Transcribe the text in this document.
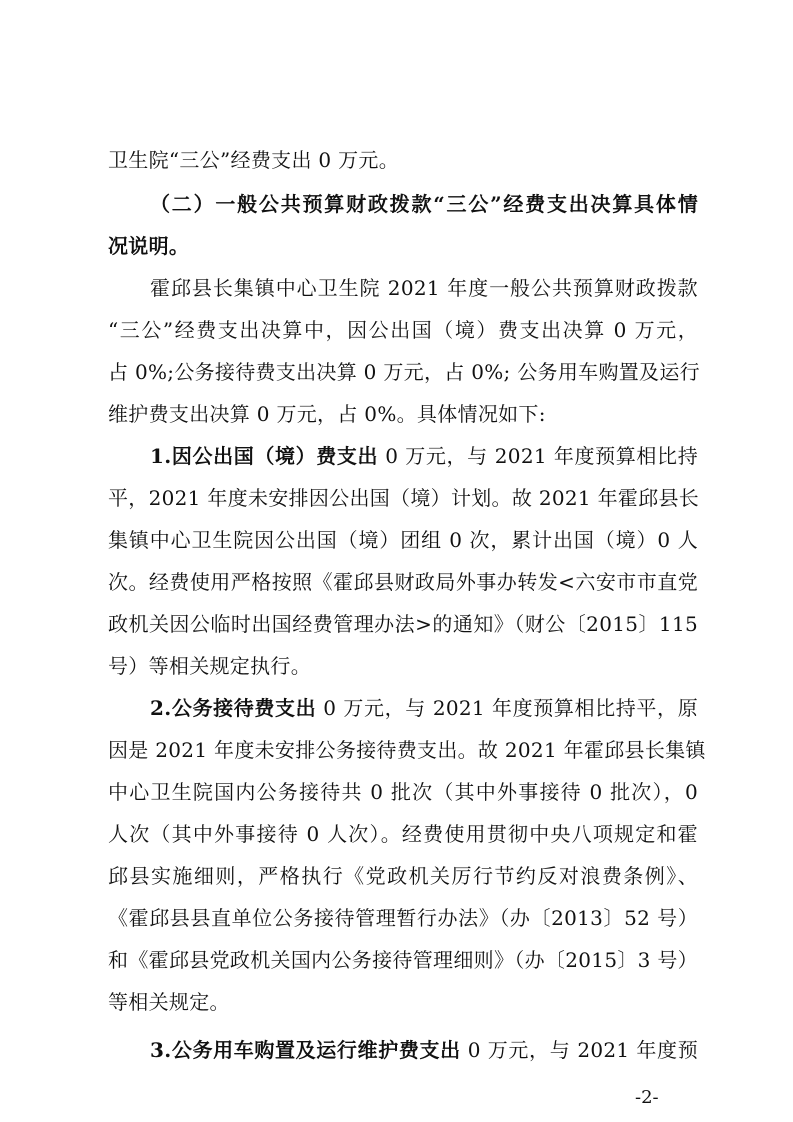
卫生院“三公”经费支出 0 万元。
（二）一般公共预算财政拨款“三公”经费支出决算具体情
况说明。
霍邱县长集镇中心卫生院 2021 年度一般公共预算财政拨款
“三公”经费支出决算中，因公出国（境）费支出决算 0 万元，
占 0%;公务接待费支出决算 0 万元，占 0%; 公务用车购置及运行
维护费支出决算 0 万元，占 0%。具体情况如下:
1.因公出国（境）费支出 0 万元，与 2021 年度预算相比持
平，2021 年度未安排因公出国（境）计划。故 2021 年霍邱县长
集镇中心卫生院因公出国（境）团组 0 次，累计出国（境）0 人
次。经费使用严格按照《霍邱县财政局外事办转发<六安市市直党
政机关因公临时出国经费管理办法>的通知》（财公〔2015〕115
号）等相关规定执行。
2.公务接待费支出 0 万元，与 2021 年度预算相比持平，原
因是 2021 年度未安排公务接待费支出。故 2021 年霍邱县长集镇
中心卫生院国内公务接待共 0 批次（其中外事接待 0 批次），0
人次（其中外事接待 0 人次）。经费使用贯彻中央八项规定和霍
邱县实施细则，严格执行《党政机关厉行节约反对浪费条例》、
《霍邱县县直单位公务接待管理暂行办法》（办〔2013〕52 号）
和《霍邱县党政机关国内公务接待管理细则》（办〔2015〕3 号）
等相关规定。
3.公务用车购置及运行维护费支出 0 万元，与 2021 年度预
-2-
